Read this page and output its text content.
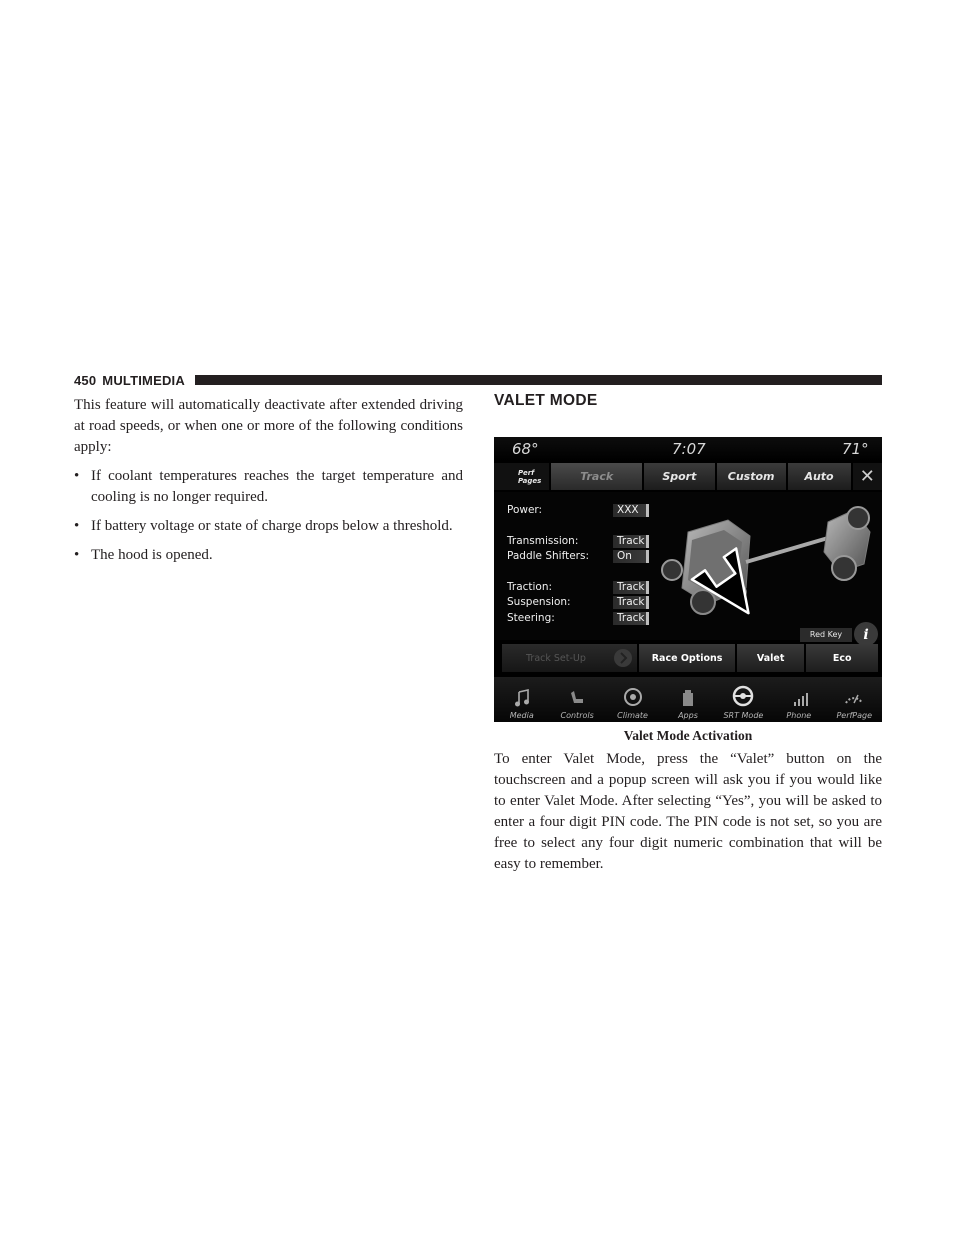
450 MULTIMEDIA

This feature will automatically deactivate after extended driving at road speeds, or when one or more of the following conditions apply:

• If coolant temperatures reaches the target temperature and cooling is no longer required.
• If battery voltage or state of charge drops below a threshold.
• The hood is opened.
VALET MODE
68°	7:07	71°
Perf
Pages	Track	Sport	Custom	Auto	✕
Power:	XXX
Transmission:	Track
Paddle Shifters:	On
Traction:	Track
Suspension:	Track
Steering:	Track
Red Key	i
Track Set-Up	Race Options	Valet	Eco
Media	Controls	Climate	Apps	SRT Mode	Phone	PerfPage
Valet Mode Activation

To enter Valet Mode, press the “Valet” button on the touchscreen and a popup screen will ask you if you would like to enter Valet Mode. After selecting “Yes”, you will be asked to enter a four digit PIN code. The PIN code is not set, so you are free to select any four digit numeric combination that will be easy to remember.
